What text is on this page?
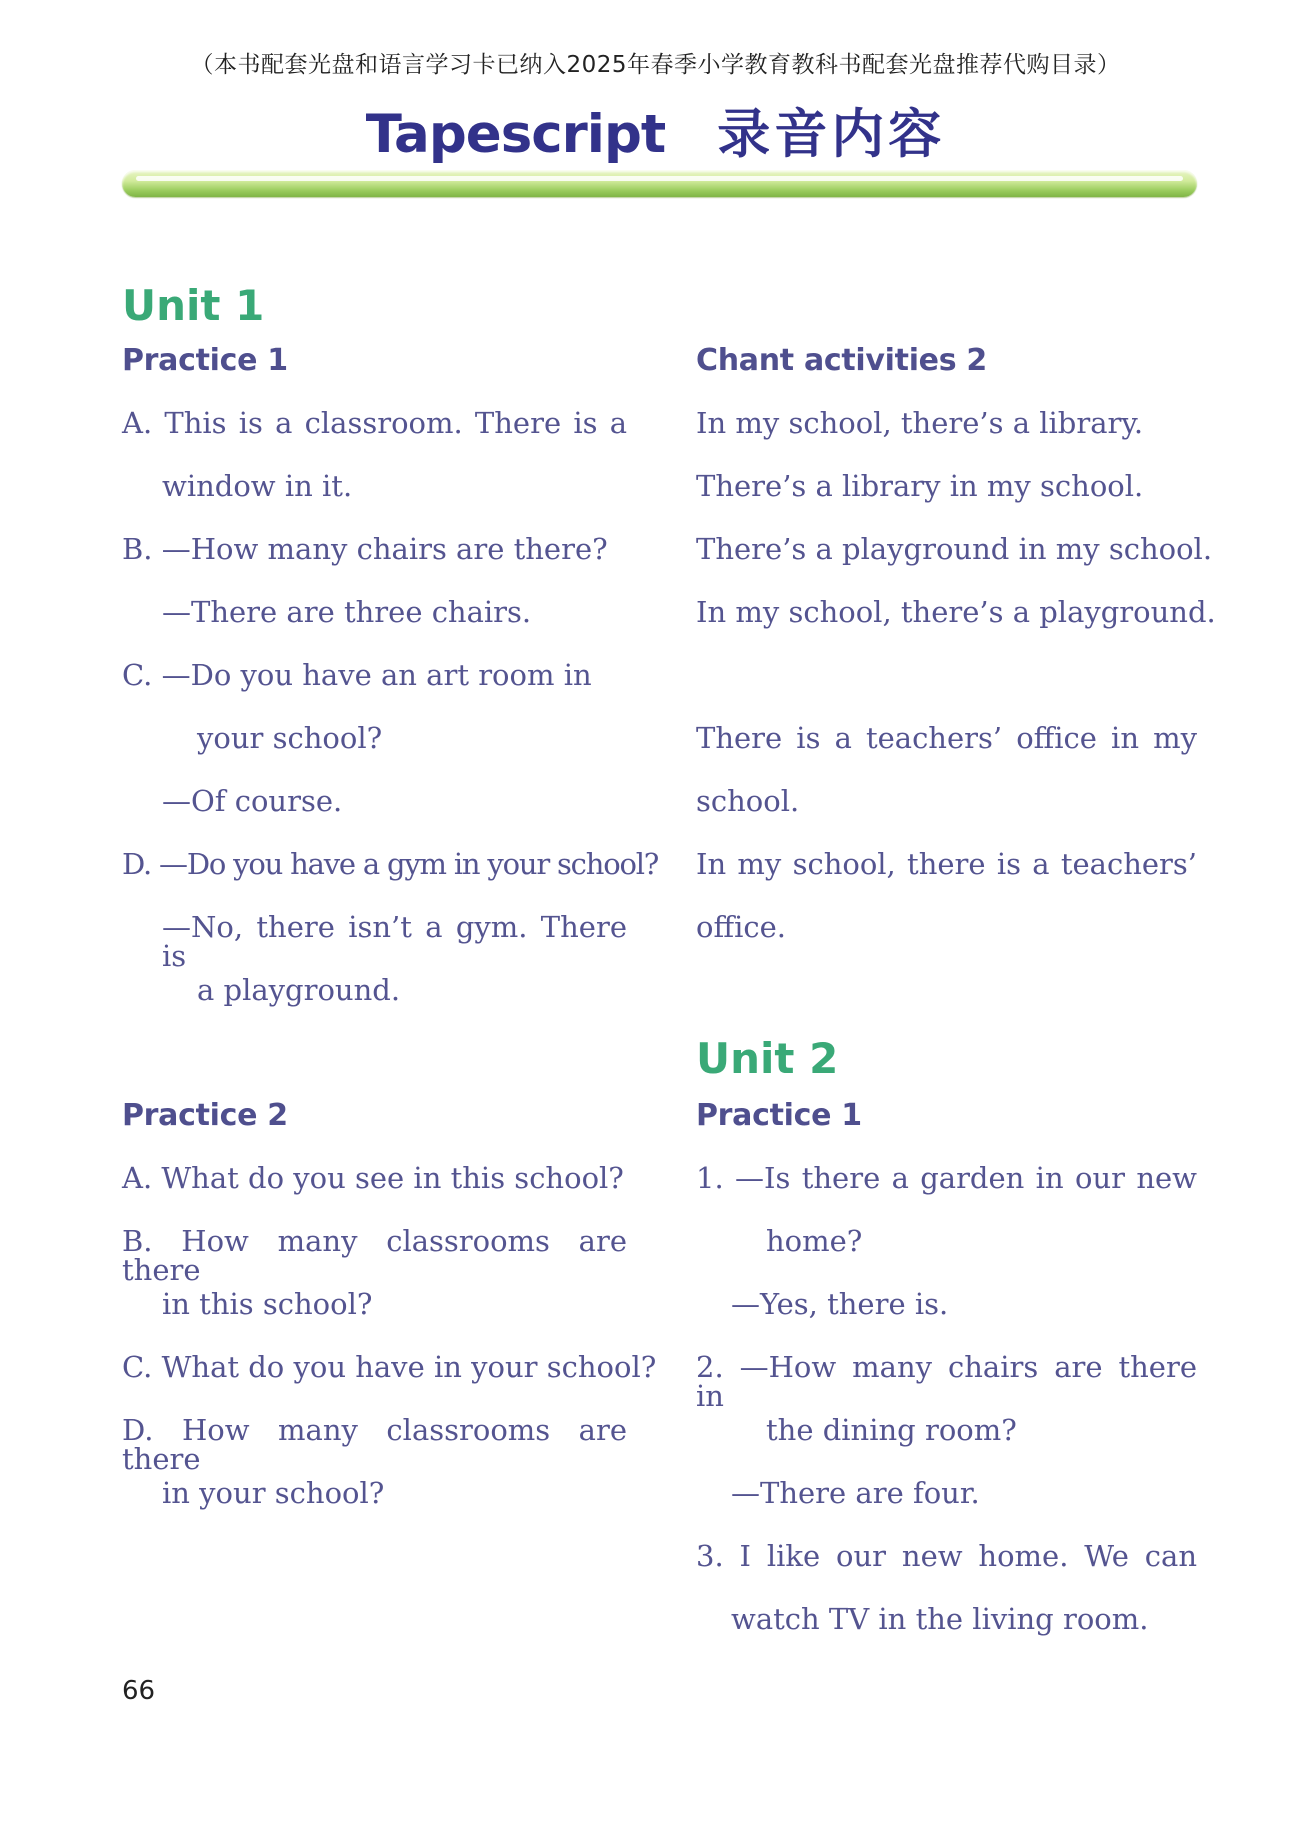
（本书配套光盘和语言学习卡已纳入2025年春季小学教育教科书配套光盘推荐代购目录）
Tapescript 录音内容
Unit 1
Practice 1

A. This is a classroom. There is a

window in it.

B. —How many chairs are there?

—There are three chairs.

C. —Do you have an art room in

your school?

—Of course.

D. —Do you have a gym in your school?

—No, there isn’t a gym. There is

a playground.

Practice 2

A. What do you see in this school?

B. How many classrooms are there

in this school?

C. What do you have in your school?

D. How many classrooms are there

in your school?

Chant activities 2

In my school, there’s a library.

There’s a library in my school.

There’s a playground in my school.

In my school, there’s a playground.

There is a teachers’ office in my

school.

In my school, there is a teachers’

office.

Unit 2
Practice 1

1. —Is there a garden in our new

home?

—Yes, there is.

2. —How many chairs are there in

the dining room?

—There are four.

3. I like our new home. We can

watch TV in the living room.

66
